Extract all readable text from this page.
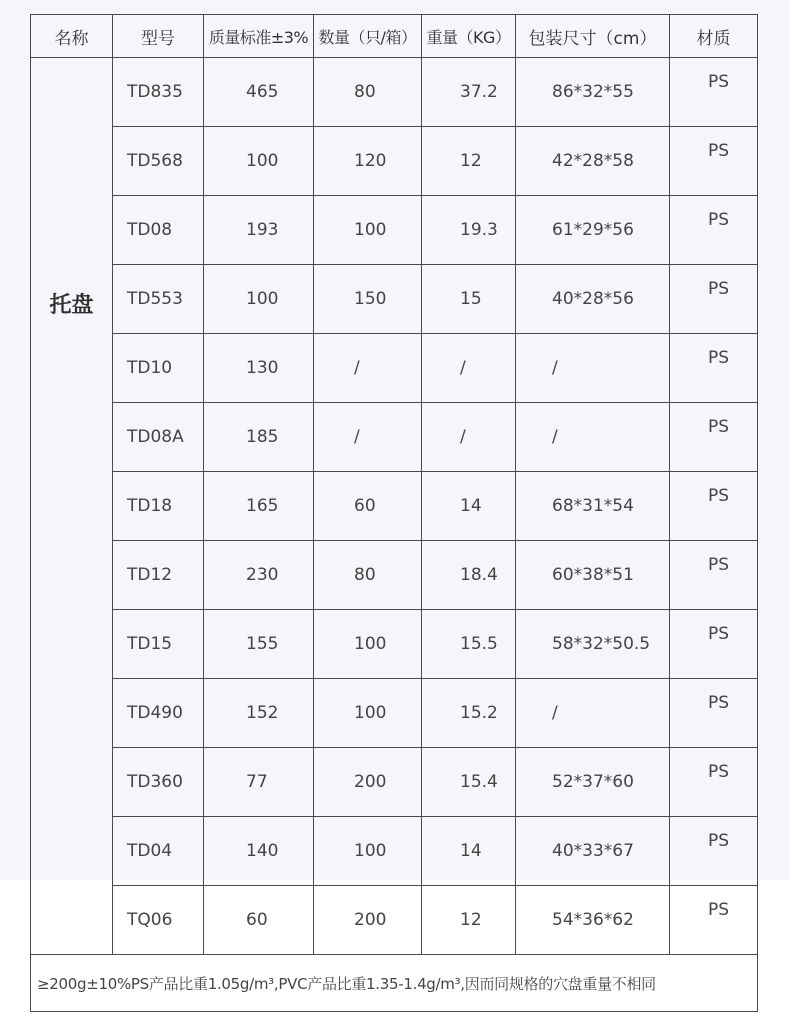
名称	型号	质量标准±3%	数量（只/箱）	重量（KG）	包装尺寸（cm）	材质
托盘	TD835	465	80	37.2	86*32*55	PS
	TD568	100	120	12	42*28*58	PS
	TD08	193	100	19.3	61*29*56	PS
	TD553	100	150	15	40*28*56	PS
	TD10	130	/	/	/	PS
	TD08A	185	/	/	/	PS
	TD18	165	60	14	68*31*54	PS
	TD12	230	80	18.4	60*38*51	PS
	TD15	155	100	15.5	58*32*50.5	PS
	TD490	152	100	15.2	/	PS
	TD360	77	200	15.4	52*37*60	PS
	TD04	140	100	14	40*33*67	PS
	TQ06	60	200	12	54*36*62	PS
≥200g±10%PS产品比重1.05g/m³,PVC产品比重1.35-1.4g/m³,因而同规格的穴盘重量不相同						
